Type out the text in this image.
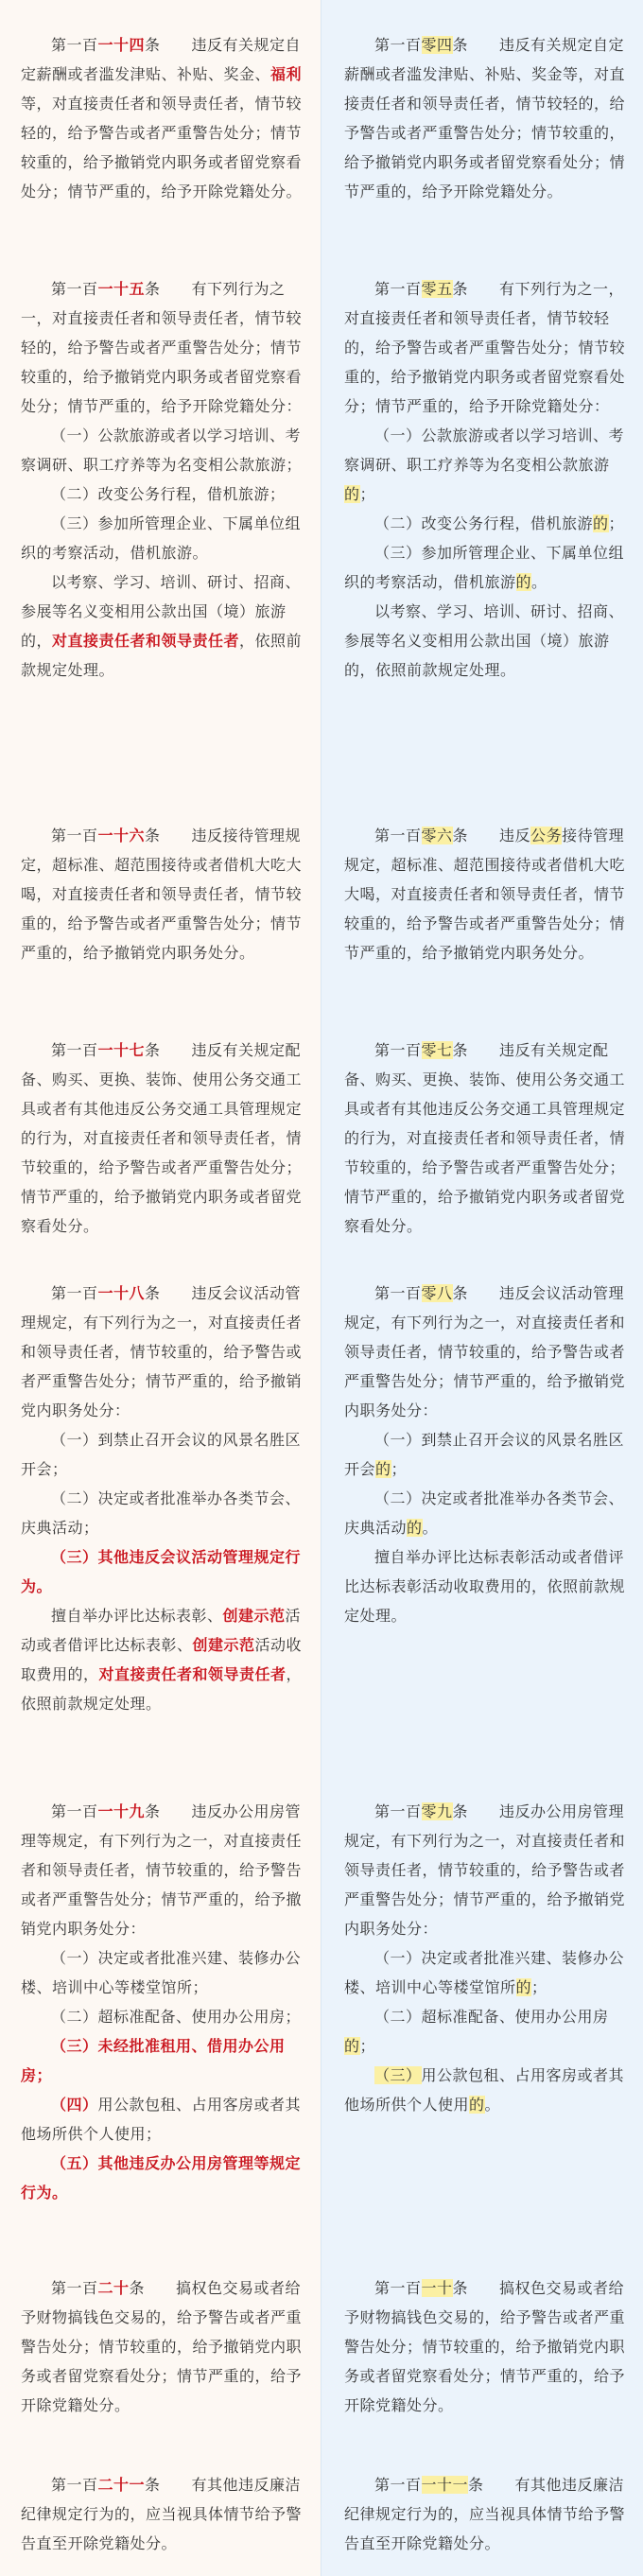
第一百一十四条　　违反有关规定自定薪酬或者滥发津贴、补贴、奖金、福利等，对直接责任者和领导责任者，情节较轻的，给予警告或者严重警告处分；情节较重的，给予撤销党内职务或者留党察看处分；情节严重的，给予开除党籍处分。

第一百一十五条　　有下列行为之一，对直接责任者和领导责任者，情节较轻的，给予警告或者严重警告处分；情节较重的，给予撤销党内职务或者留党察看处分；情节严重的，给予开除党籍处分：

（一）公款旅游或者以学习培训、考察调研、职工疗养等为名变相公款旅游；

（二）改变公务行程，借机旅游；

（三）参加所管理企业、下属单位组织的考察活动，借机旅游。

以考察、学习、培训、研讨、招商、参展等名义变相用公款出国（境）旅游的，对直接责任者和领导责任者，依照前款规定处理。

第一百一十六条　　违反接待管理规定，超标准、超范围接待或者借机大吃大喝，对直接责任者和领导责任者，情节较重的，给予警告或者严重警告处分；情节严重的，给予撤销党内职务处分。

第一百一十七条　　违反有关规定配备、购买、更换、装饰、使用公务交通工具或者有其他违反公务交通工具管理规定的行为，对直接责任者和领导责任者，情节较重的，给予警告或者严重警告处分；情节严重的，给予撤销党内职务或者留党察看处分。

第一百一十八条　　违反会议活动管理规定，有下列行为之一，对直接责任者和领导责任者，情节较重的，给予警告或者严重警告处分；情节严重的，给予撤销党内职务处分：

（一）到禁止召开会议的风景名胜区开会；

（二）决定或者批准举办各类节会、庆典活动；

（三）其他违反会议活动管理规定行为。

擅自举办评比达标表彰、创建示范活动或者借评比达标表彰、创建示范活动收取费用的，对直接责任者和领导责任者，依照前款规定处理。

第一百一十九条　　违反办公用房管理等规定，有下列行为之一，对直接责任者和领导责任者，情节较重的，给予警告或者严重警告处分；情节严重的，给予撤销党内职务处分：

（一）决定或者批准兴建、装修办公楼、培训中心等楼堂馆所；

（二）超标准配备、使用办公用房；

（三）未经批准租用、借用办公用房；

（四）用公款包租、占用客房或者其他场所供个人使用；

（五）其他违反办公用房管理等规定行为。

第一百二十条　　搞权色交易或者给予财物搞钱色交易的，给予警告或者严重警告处分；情节较重的，给予撤销党内职务或者留党察看处分；情节严重的，给予开除党籍处分。

第一百二十一条　　有其他违反廉洁纪律规定行为的，应当视具体情节给予警告直至开除党籍处分。

第一百零四条　　违反有关规定自定薪酬或者滥发津贴、补贴、奖金等，对直接责任者和领导责任者，情节较轻的，给予警告或者严重警告处分；情节较重的，给予撤销党内职务或者留党察看处分；情节严重的，给予开除党籍处分。

第一百零五条　　有下列行为之一，对直接责任者和领导责任者，情节较轻的，给予警告或者严重警告处分；情节较重的，给予撤销党内职务或者留党察看处分；情节严重的，给予开除党籍处分：

（一）公款旅游或者以学习培训、考察调研、职工疗养等为名变相公款旅游的；

（二）改变公务行程，借机旅游的；

（三）参加所管理企业、下属单位组织的考察活动，借机旅游的。

以考察、学习、培训、研讨、招商、参展等名义变相用公款出国（境）旅游的，依照前款规定处理。

第一百零六条　　违反公务接待管理规定，超标准、超范围接待或者借机大吃大喝，对直接责任者和领导责任者，情节较重的，给予警告或者严重警告处分；情节严重的，给予撤销党内职务处分。

第一百零七条　　违反有关规定配备、购买、更换、装饰、使用公务交通工具或者有其他违反公务交通工具管理规定的行为，对直接责任者和领导责任者，情节较重的，给予警告或者严重警告处分；情节严重的，给予撤销党内职务或者留党察看处分。

第一百零八条　　违反会议活动管理规定，有下列行为之一，对直接责任者和领导责任者，情节较重的，给予警告或者严重警告处分；情节严重的，给予撤销党内职务处分：

（一）到禁止召开会议的风景名胜区开会的；

（二）决定或者批准举办各类节会、庆典活动的。

擅自举办评比达标表彰活动或者借评比达标表彰活动收取费用的，依照前款规定处理。

第一百零九条　　违反办公用房管理规定，有下列行为之一，对直接责任者和领导责任者，情节较重的，给予警告或者严重警告处分；情节严重的，给予撤销党内职务处分：

（一）决定或者批准兴建、装修办公楼、培训中心等楼堂馆所的；

（二）超标准配备、使用办公用房的；

（三）用公款包租、占用客房或者其他场所供个人使用的。

第一百一十条　　搞权色交易或者给予财物搞钱色交易的，给予警告或者严重警告处分；情节较重的，给予撤销党内职务或者留党察看处分；情节严重的，给予开除党籍处分。

第一百一十一条　　有其他违反廉洁纪律规定行为的，应当视具体情节给予警告直至开除党籍处分。
